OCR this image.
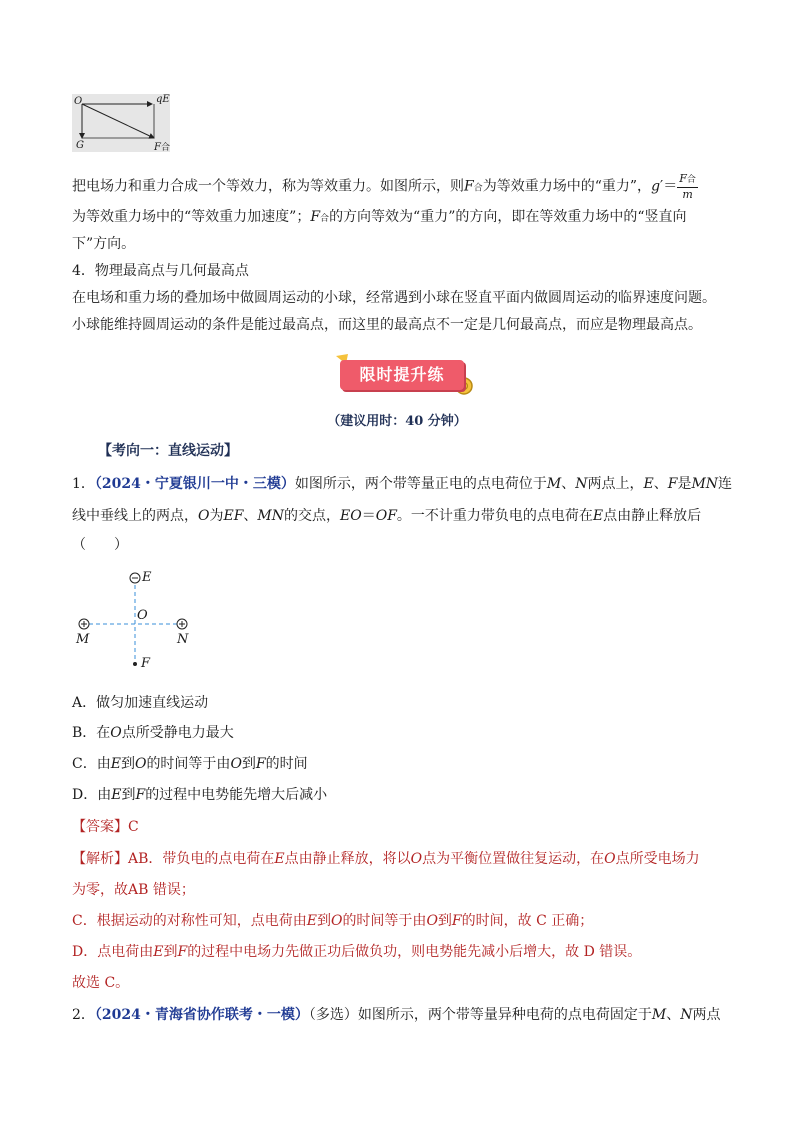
O	qE
G	F合
把电场力和重力合成一个等效力，称为等效重力。如图所示，则F合为等效重力场中的“重力”，$g'= \frac{\text{F合}}{m}$
为等效重力场中的“等效重力加速度”；F合的方向等效为“重力”的方向，即在等效重力场中的“竖直向
下”方向。
4．物理最高点与几何最高点
在电场和重力场的叠加场中做圆周运动的小球，经常遇到小球在竖直平面内做圆周运动的临界速度问题。
小球能维持圆周运动的条件是能过最高点，而这里的最高点不一定是几何最高点，而应是物理最高点。
限时提升练
（建议用时：40 分钟）
【考向一：直线运动】
1．（2024・宁夏银川一中・三模）如图所示，两个带等量正电的点电荷位于M、N两点上，E、F是MN连
线中垂线上的两点，O为EF、MN的交点，EO＝OF。一不计重力带负电的点电荷在E点由静止释放后
（　　）
E
O
M	N
F
A．做匀加速直线运动
B．在O点所受静电力最大
C．由E到O的时间等于由O到F的时间
D．由E到F的过程中电势能先增大后减小
【答案】C
【解析】AB．带负电的点电荷在E点由静止释放，将以O点为平衡位置做往复运动，在O点所受电场力
为零，故AB 错误；
C．根据运动的对称性可知，点电荷由E到O的时间等于由O到F的时间，故 C 正确；
D．点电荷由E到F的过程中电场力先做正功后做负功，则电势能先减小后增大，故 D 错误。
故选 C。
2．（2024・青海省协作联考・一模）（多选）如图所示，两个带等量异种电荷的点电荷固定于M、N两点
